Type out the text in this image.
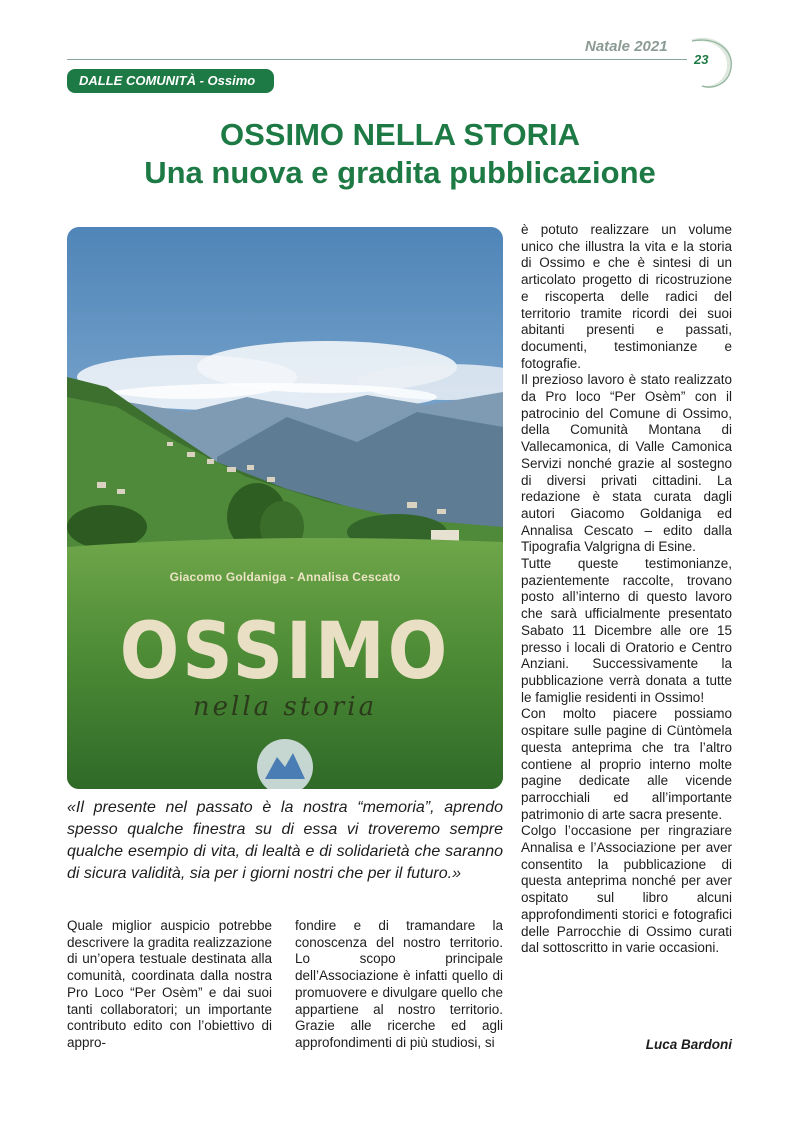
Natale 2021
23
DALLE COMUNITÀ - Ossimo
OSSIMO NELLA STORIA
Una nuova e gradita pubblicazione
Giacomo Goldaniga - Annalisa Cescato
OSSIMO
nella storia
«Il presente nel passato è la nostra “memoria”, aprendo spesso qualche finestra su di essa vi troveremo sempre qualche esempio di vita, di lealtà e di solidarietà che saranno di sicura validità, sia per i giorni nostri che per il futuro.»

Quale miglior auspicio potrebbe descrivere la gradita realizzazione di un’opera testuale destinata alla comunità, coordinata dalla nostra Pro Loco “Per Osèm” e dai suoi tanti collaboratori; un importante contributo edito con l’obiettivo di appro-

fondire e di tramandare la conoscenza del nostro territorio. Lo scopo principale dell’Associazione è infatti quello di promuovere e divulgare quello che appartiene al nostro territorio. Grazie alle ricerche ed agli approfondimenti di più studiosi, si

è potuto realizzare un volume unico che illustra la vita e la storia di Ossimo e che è sintesi di un articolato progetto di ricostruzione e riscoperta delle radici del territorio tramite ricordi dei suoi abitanti presenti e passati, documenti, testimonianze e fotografie.

Il prezioso lavoro è stato realizzato da Pro loco “Per Osèm” con il patrocinio del Comune di Ossimo, della Comunità Montana di Vallecamonica, di Valle Camonica Servizi nonché grazie al sostegno di diversi privati cittadini. La redazione è stata curata dagli autori Giacomo Goldaniga ed Annalisa Cescato – edito dalla Tipografia Valgrigna di Esine.

Tutte queste testimonianze, pazientemente raccolte, trovano posto all’interno di questo lavoro che sarà ufficialmente presentato Sabato 11 Dicembre alle ore 15 presso i locali di Oratorio e Centro Anziani. Successivamente la pubblicazione verrà donata a tutte le famiglie residenti in Ossimo!

Con molto piacere possiamo ospitare sulle pagine di Cüntòmela questa anteprima che tra l’altro contiene al proprio interno molte pagine dedicate alle vicende parrocchiali ed all’importante patrimonio di arte sacra presente.

Colgo l’occasione per ringraziare Annalisa e l’Associazione per aver consentito la pubblicazione di questa anteprima nonché per aver ospitato sul libro alcuni approfondimenti storici e fotografici delle Parrocchie di Ossimo curati dal sottoscritto in varie occasioni.

Luca Bardoni
